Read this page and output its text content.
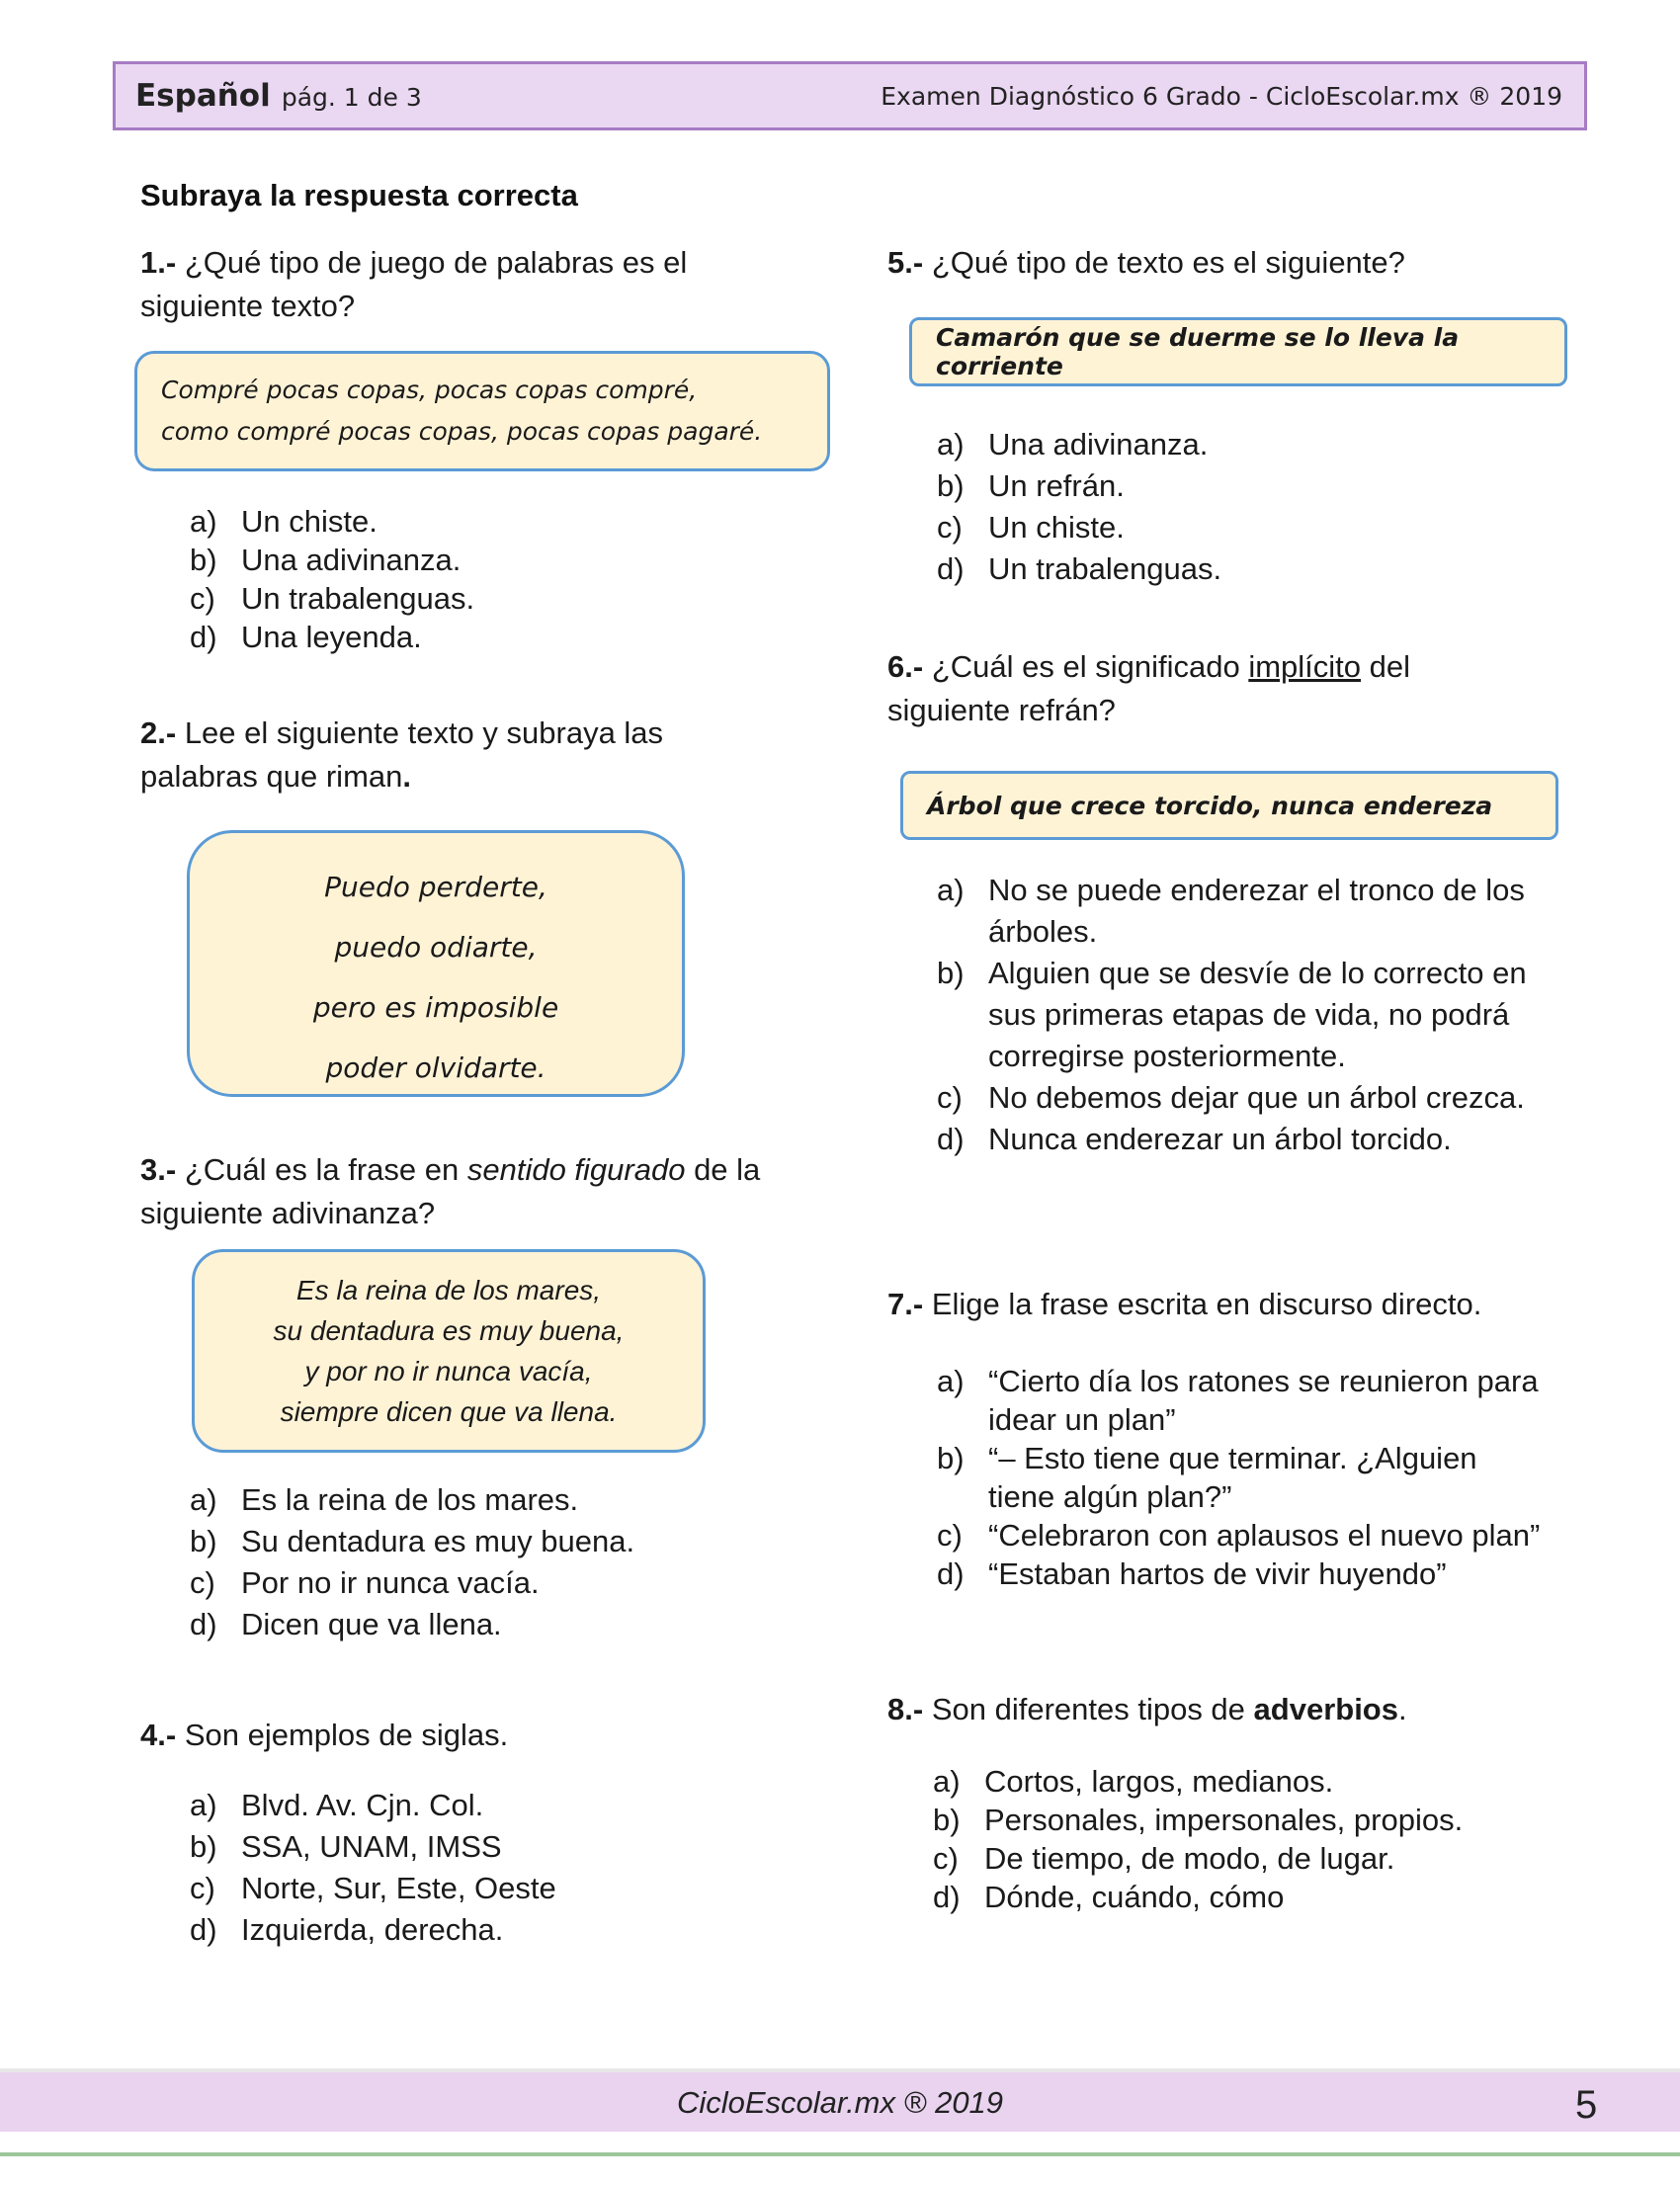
Español pág. 1 de 3	Examen Diagnóstico 6 Grado - CicloEscolar.mx ® 2019
Subraya la respuesta correcta
1.- ¿Qué tipo de juego de palabras es el siguiente texto?
Compré pocas copas, pocas copas compré,
como compré pocas copas, pocas copas pagaré.
a) Un chiste.
b) Una adivinanza.
c) Un trabalenguas.
d) Una leyenda.
2.- Lee el siguiente texto y subraya las palabras que riman.
Puedo perderte,
puedo odiarte,
pero es imposible
poder olvidarte.
3.- ¿Cuál es la frase en sentido figurado de la siguiente adivinanza?
Es la reina de los mares,
su dentadura es muy buena,
y por no ir nunca vacía,
siempre dicen que va llena.
a) Es la reina de los mares.
b) Su dentadura es muy buena.
c) Por no ir nunca vacía.
d) Dicen que va llena.
4.- Son ejemplos de siglas.
a) Blvd. Av. Cjn. Col.
b) SSA, UNAM, IMSS
c) Norte, Sur, Este, Oeste
d) Izquierda, derecha.
5.- ¿Qué tipo de texto es el siguiente?
Camarón que se duerme se lo lleva la corriente
a) Una adivinanza.
b) Un refrán.
c) Un chiste.
d) Un trabalenguas.
6.- ¿Cuál es el significado implícito del siguiente refrán?
Árbol que crece torcido, nunca endereza
a) No se puede enderezar el tronco de los árboles.
b) Alguien que se desvíe de lo correcto en sus primeras etapas de vida, no podrá corregirse posteriormente.
c) No debemos dejar que un árbol crezca.
d) Nunca enderezar un árbol torcido.
7.- Elige la frase escrita en discurso directo.
a) “Cierto día los ratones se reunieron para idear un plan”
b) “– Esto tiene que terminar. ¿Alguien tiene algún plan?”
c) “Celebraron con aplausos el nuevo plan”
d) “Estaban hartos de vivir huyendo”
8.- Son diferentes tipos de adverbios.
a) Cortos, largos, medianos.
b) Personales, impersonales, propios.
c) De tiempo, de modo, de lugar.
d) Dónde, cuándo, cómo
CicloEscolar.mx ® 2019	5
